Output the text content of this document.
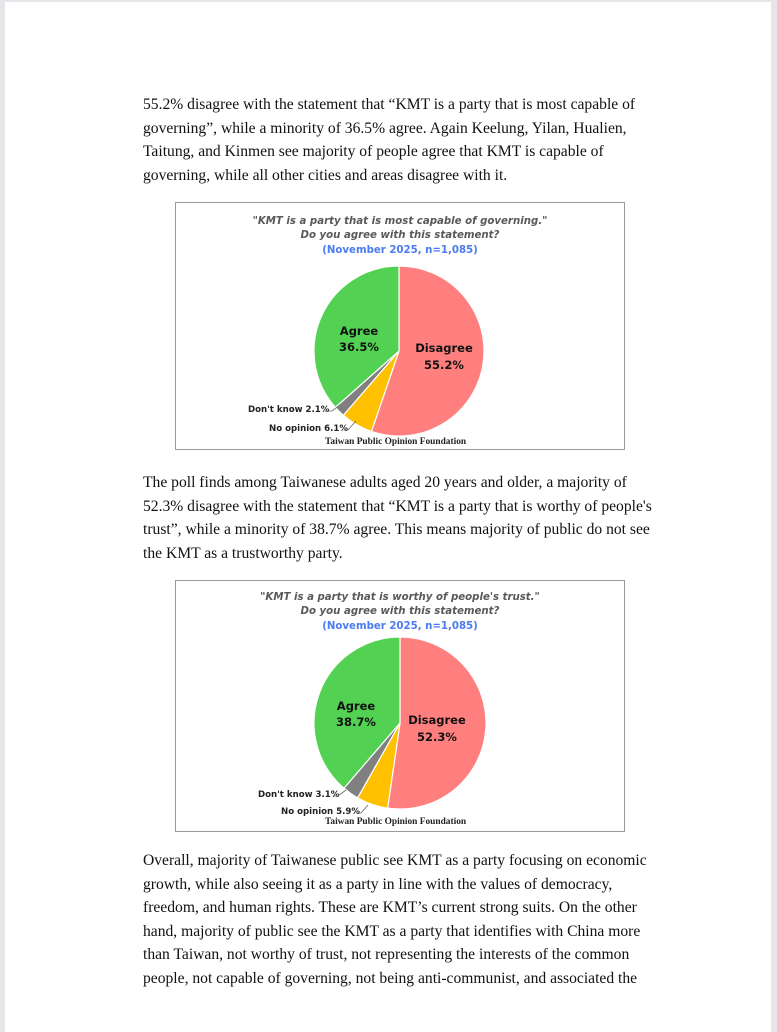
55.2% disagree with the statement that “KMT is a party that is most capable of governing”, while a minority of 36.5% agree. Again Keelung, Yilan, Hualien, Taitung, and Kinmen see majority of people agree that KMT is capable of governing, while all other cities and areas disagree with it.

"KMT is a party that is most capable of governing."
Do you agree with this statement?
(November 2025, n=1,085)
Agree
36.5%	Disagree
55.2%
Don't know 2.1%
No opinion 6.1%
Taiwan Public Opinion Foundation

The poll finds among Taiwanese adults aged 20 years and older, a majority of 52.3% disagree with the statement that “KMT is a party that is worthy of people's trust”, while a minority of 38.7% agree. This means majority of public do not see the KMT as a trustworthy party.

"KMT is a party that is worthy of people's trust."
Do you agree with this statement?
(November 2025, n=1,085)
Agree
38.7%	Disagree
52.3%
Don't know 3.1%
No opinion 5.9%
Taiwan Public Opinion Foundation

Overall, majority of Taiwanese public see KMT as a party focusing on economic growth, while also seeing it as a party in line with the values of democracy, freedom, and human rights. These are KMT’s current strong suits. On the other hand, majority of public see the KMT as a party that identifies with China more than Taiwan, not worthy of trust, not representing the interests of the common people, not capable of governing, not being anti-communist, and associated the
